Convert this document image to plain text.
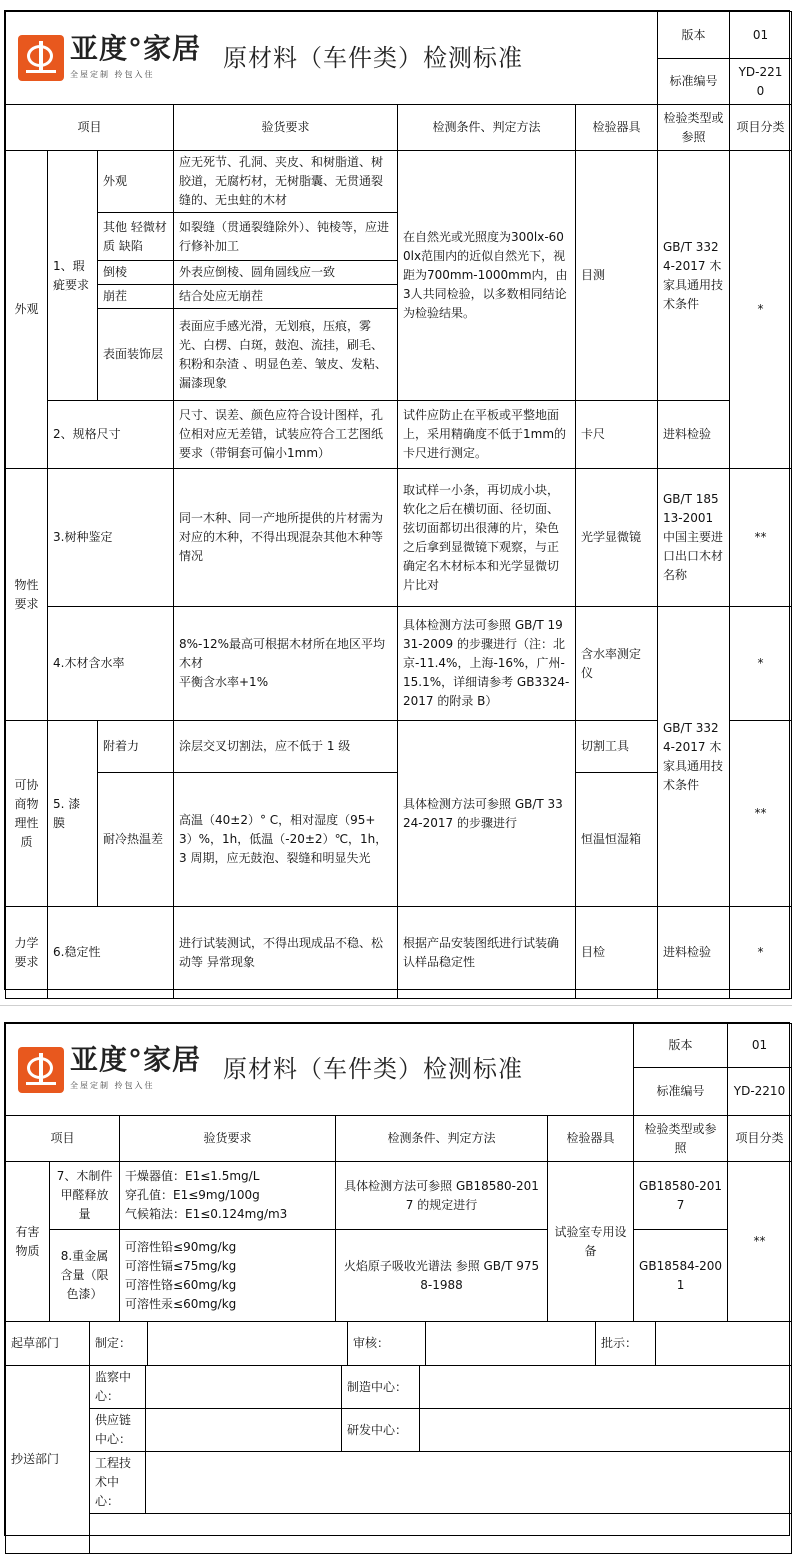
亚度°家居
全屋定制 拎包入住
原材料（车件类）检测标准	版本	01
	标准编号	YD-2210
项目			验货要求	检测条件、判定方法	检验器具	检验类型或参照	项目分类
外观	1、瑕疵要求	外观	应无死节、孔洞、夹皮、和树脂道、树胶道，无腐朽材，无树脂囊、无贯通裂缝的、无虫蛀的木材	在自然光或光照度为300lx-600lx范围内的近似自然光下，视距为700mm-1000mm内，由3人共同检验，以多数相同结论为检验结果。	目测	GB/T 3324-2017 木家具通用技术条件	*
		其他 轻微材质 缺陷	如裂缝（贯通裂缝除外）、钝棱等，应进行修补加工				
		倒棱	外表应倒棱、圆角圆线应一致				
		崩茬	结合处应无崩茬				
		表面装饰层	表面应手感光滑，无划痕，压痕，雾光、白楞、白斑，鼓泡、流挂，刷毛、积粉和杂渣 、明显色差、皱皮、发粘、漏漆现象				
	2、规格尺寸		尺寸、误差、颜色应符合设计图样，孔位相对应无差错，试装应符合工艺图纸要求（带铜套可偏小1mm）	试件应防止在平板或平整地面上，采用精确度不低于1mm的卡尺进行测定。	卡尺	进料检验	
物性要求	3.树种鉴定		同一木种、同一产地所提供的片材需为对应的木种，不得出现混杂其他木种等情况	取试样一小条，再切成小块，软化之后在横切面、径切面、弦切面都切出很薄的片，染色之后拿到显微镜下观察，与正确定名木材标本和光学显微切片比对	光学显微镜	GB/T 18513-2001 中国主要进口出口木材名称	**
	4.木材含水率		8%-12%最高可根据木材所在地区平均木材
平衡含水率+1%	具体检测方法可参照 GB/T 1931-2009 的步骤进行（注：北京-11.4%，上海-16%，广州-15.1%，详细请参考 GB3324-2017 的附录 B）	含水率测定仪	GB/T 3324-2017 木家具通用技术条件	*
可协商物理性质	5. 漆膜	附着力	涂层交叉切割法，应不低于 1 级	具体检测方法可参照 GB/T 3324-2017 的步骤进行	切割工具		**
		耐冷热温差	高温（40±2）° C，相对湿度（95+3）%，1h，低温（-20±2）℃，1h，3 周期，应无鼓泡、裂缝和明显失光		恒温恒湿箱		
力学要求	6.稳定性		进行试装测试，不得出现成品不稳、松动等 异常现象	根据产品安装图纸进行试装确认样品稳定性	目检	进料检验	*
亚度°家居
全屋定制 拎包入住
原材料（车件类）检测标准	版本	01
	标准编号	YD-2210
项目		验货要求	检测条件、判定方法	检验器具	检验类型或参照	项目分类
有害物质	7、木制件甲醛释放量	干燥器值：E1≤1.5mg/L
穿孔值：E1≤9mg/100g
气候箱法：E1≤0.124mg/m3	具体检测方法可参照 GB18580-2017 的规定进行	试验室专用设备	GB18580-2017	**
	8.重金属含量（限色漆）	可溶性铅≤90mg/kg
可溶性镉≤75mg/kg
可溶性铬≤60mg/kg
可溶性汞≤60mg/kg	火焰原子吸收光谱法 参照 GB/T 9758-1988		GB18584-2001	
起草部门	制定：		审核：		批示：	
抄送部门	监察中心：		制造中心：	
	供应链中心：		研发中心：	
	工程技术中心：			
